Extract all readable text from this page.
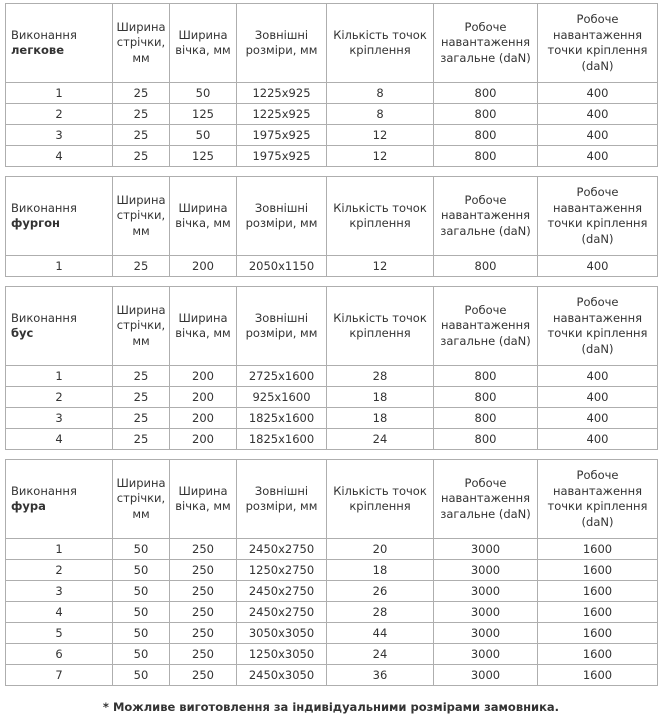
Виконання
легкове	Ширина стрічки, мм	Ширина вічка, мм	Зовнішні розміри, мм	Кількість точок кріплення	Робоче навантаження загальне (daN)	Робоче навантаження точки кріплення (daN)
1	25	50	1225x925	8	800	400
2	25	125	1225x925	8	800	400
3	25	50	1975x925	12	800	400
4	25	125	1975x925	12	800	400
Виконання
фургон	Ширина стрічки, мм	Ширина вічка, мм	Зовнішні розміри, мм	Кількість точок кріплення	Робоче навантаження загальне (daN)	Робоче навантаження точки кріплення (daN)
1	25	200	2050x1150	12	800	400
Виконання
бус	Ширина стрічки, мм	Ширина вічка, мм	Зовнішні розміри, мм	Кількість точок кріплення	Робоче навантаження загальне (daN)	Робоче навантаження точки кріплення (daN)
1	25	200	2725x1600	28	800	400
2	25	200	925x1600	18	800	400
3	25	200	1825x1600	18	800	400
4	25	200	1825x1600	24	800	400
Виконання
фура	Ширина стрічки, мм	Ширина вічка, мм	Зовнішні розміри, мм	Кількість точок кріплення	Робоче навантаження загальне (daN)	Робоче навантаження точки кріплення (daN)
1	50	250	2450x2750	20	3000	1600
2	50	250	1250x2750	18	3000	1600
3	50	250	2450x2750	26	3000	1600
4	50	250	2450x2750	28	3000	1600
5	50	250	3050x3050	44	3000	1600
6	50	250	1250x3050	24	3000	1600
7	50	250	2450x3050	36	3000	1600
* Можливе виготовлення за індивідуальними розмірами замовника.
